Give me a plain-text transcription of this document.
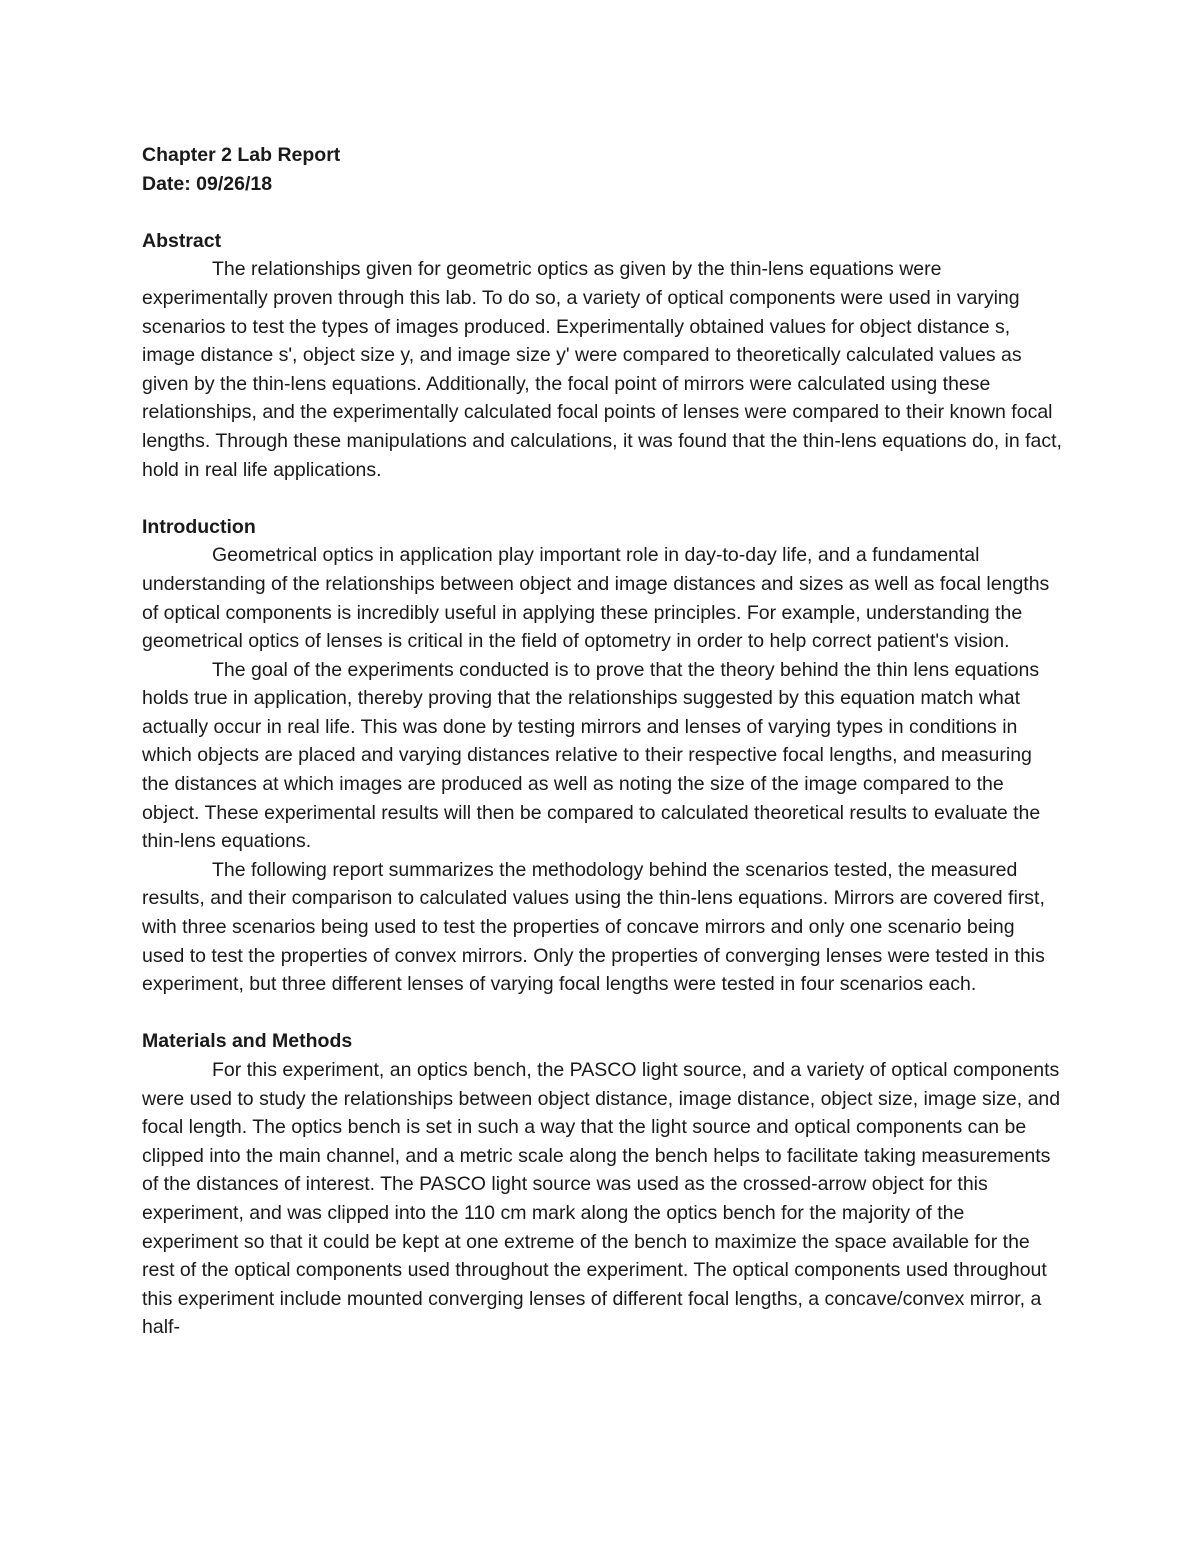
Chapter 2 Lab Report

Date: 09/26/18

Abstract

The relationships given for geometric optics as given by the thin-lens equations were experimentally proven through this lab. To do so, a variety of optical components were used in varying scenarios to test the types of images produced. Experimentally obtained values for object distance s, image distance s', object size y, and image size y' were compared to theoretically calculated values as given by the thin-lens equations. Additionally, the focal point of mirrors were calculated using these relationships, and the experimentally calculated focal points of lenses were compared to their known focal lengths. Through these manipulations and calculations, it was found that the thin-lens equations do, in fact, hold in real life applications.

Introduction

Geometrical optics in application play important role in day-to-day life, and a fundamental understanding of the relationships between object and image distances and sizes as well as focal lengths of optical components is incredibly useful in applying these principles. For example, understanding the geometrical optics of lenses is critical in the field of optometry in order to help correct patient's vision.

The goal of the experiments conducted is to prove that the theory behind the thin lens equations holds true in application, thereby proving that the relationships suggested by this equation match what actually occur in real life. This was done by testing mirrors and lenses of varying types in conditions in which objects are placed and varying distances relative to their respective focal lengths, and measuring the distances at which images are produced as well as noting the size of the image compared to the object. These experimental results will then be compared to calculated theoretical results to evaluate the thin-lens equations.

The following report summarizes the methodology behind the scenarios tested, the measured results, and their comparison to calculated values using the thin-lens equations. Mirrors are covered first, with three scenarios being used to test the properties of concave mirrors and only one scenario being used to test the properties of convex mirrors. Only the properties of converging lenses were tested in this experiment, but three different lenses of varying focal lengths were tested in four scenarios each.

Materials and Methods

For this experiment, an optics bench, the PASCO light source, and a variety of optical components were used to study the relationships between object distance, image distance, object size, image size, and focal length. The optics bench is set in such a way that the light source and optical components can be clipped into the main channel, and a metric scale along the bench helps to facilitate taking measurements of the distances of interest. The PASCO light source was used as the crossed-arrow object for this experiment, and was clipped into the 110 cm mark along the optics bench for the majority of the experiment so that it could be kept at one extreme of the bench to maximize the space available for the rest of the optical components used throughout the experiment. The optical components used throughout this experiment include mounted converging lenses of different focal lengths, a concave/convex mirror, a half-
